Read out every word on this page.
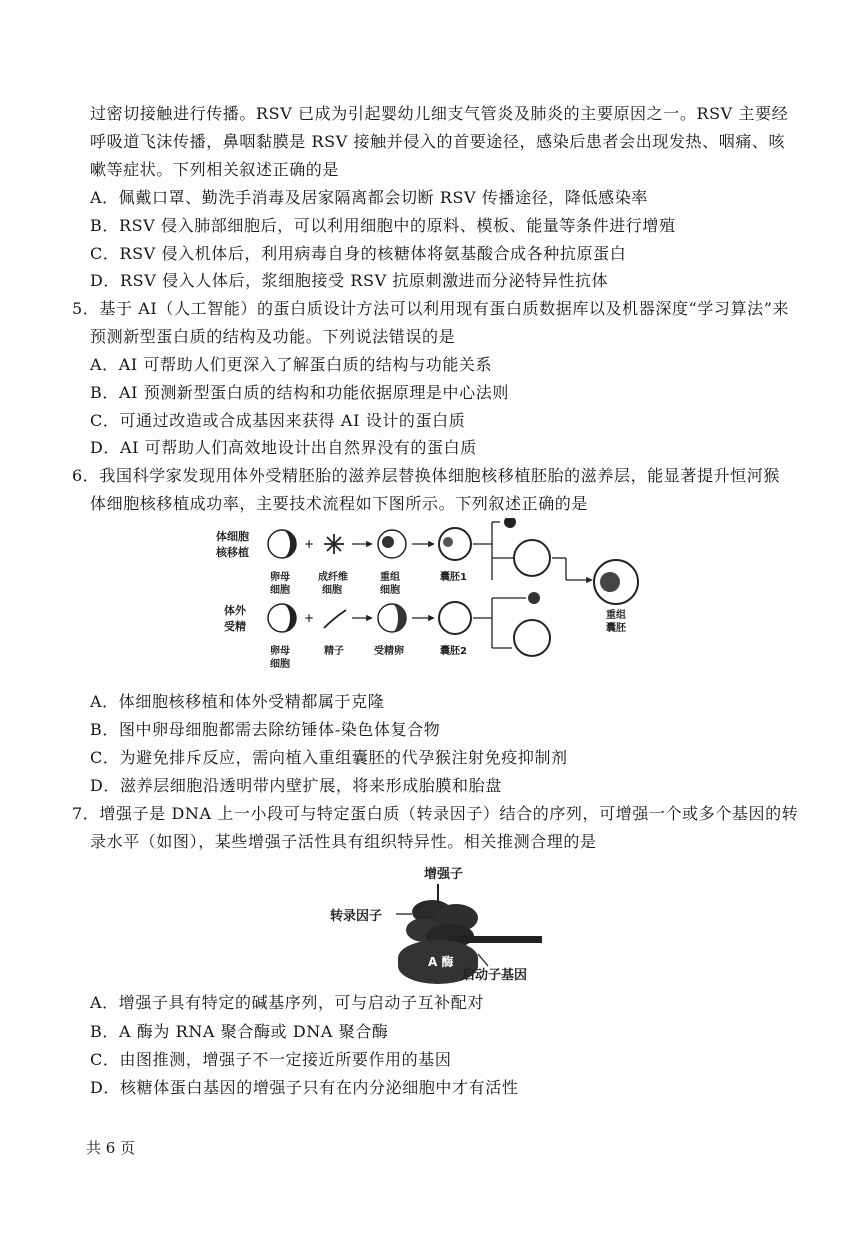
过密切接触进行传播。RSV 已成为引起婴幼儿细支气管炎及肺炎的主要原因之一。RSV 主要经
呼吸道飞沫传播，鼻咽黏膜是 RSV 接触并侵入的首要途径，感染后患者会出现发热、咽痛、咳
嗽等症状。下列相关叙述正确的是
A．佩戴口罩、勤洗手消毒及居家隔离都会切断 RSV 传播途径，降低感染率
B．RSV 侵入肺部细胞后，可以利用细胞中的原料、模板、能量等条件进行增殖
C．RSV 侵入机体后，利用病毒自身的核糖体将氨基酸合成各种抗原蛋白
D．RSV 侵入人体后，浆细胞接受 RSV 抗原刺激进而分泌特异性抗体
5．基于 AI（人工智能）的蛋白质设计方法可以利用现有蛋白质数据库以及机器深度“学习算法”来
预测新型蛋白质的结构及功能。下列说法错误的是
A．AI 可帮助人们更深入了解蛋白质的结构与功能关系
B．AI 预测新型蛋白质的结构和功能依据原理是中心法则
C．可通过改造或合成基因来获得 AI 设计的蛋白质
D．AI 可帮助人们高效地设计出自然界没有的蛋白质
6．我国科学家发现用体外受精胚胎的滋养层替换体细胞核移植胚胎的滋养层，能显著提升恒河猴
体细胞核移植成功率，主要技术流程如下图所示。下列叙述正确的是
体细胞
核移植
体外
受精
+
卵母
细胞
成纤维
细胞
重组
细胞
囊胚1
+
卵母
细胞
精子	受精卵	囊胚2
重组
囊胚
A．体细胞核移植和体外受精都属于克隆
B．图中卵母细胞都需去除纺锤体-染色体复合物
C．为避免排斥反应，需向植入重组囊胚的代孕猴注射免疫抑制剂
D．滋养层细胞沿透明带内壁扩展，将来形成胎膜和胎盘
7．增强子是 DNA 上一小段可与特定蛋白质（转录因子）结合的序列，可增强一个或多个基因的转
录水平（如图），某些增强子活性具有组织特异性。相关推测合理的是
增强子
转录因子
A 酶
启动子基因
A．增强子具有特定的碱基序列，可与启动子互补配对
B．A 酶为 RNA 聚合酶或 DNA 聚合酶
C．由图推测，增强子不一定接近所要作用的基因
D．核糖体蛋白基因的增强子只有在内分泌细胞中才有活性
共 6 页
